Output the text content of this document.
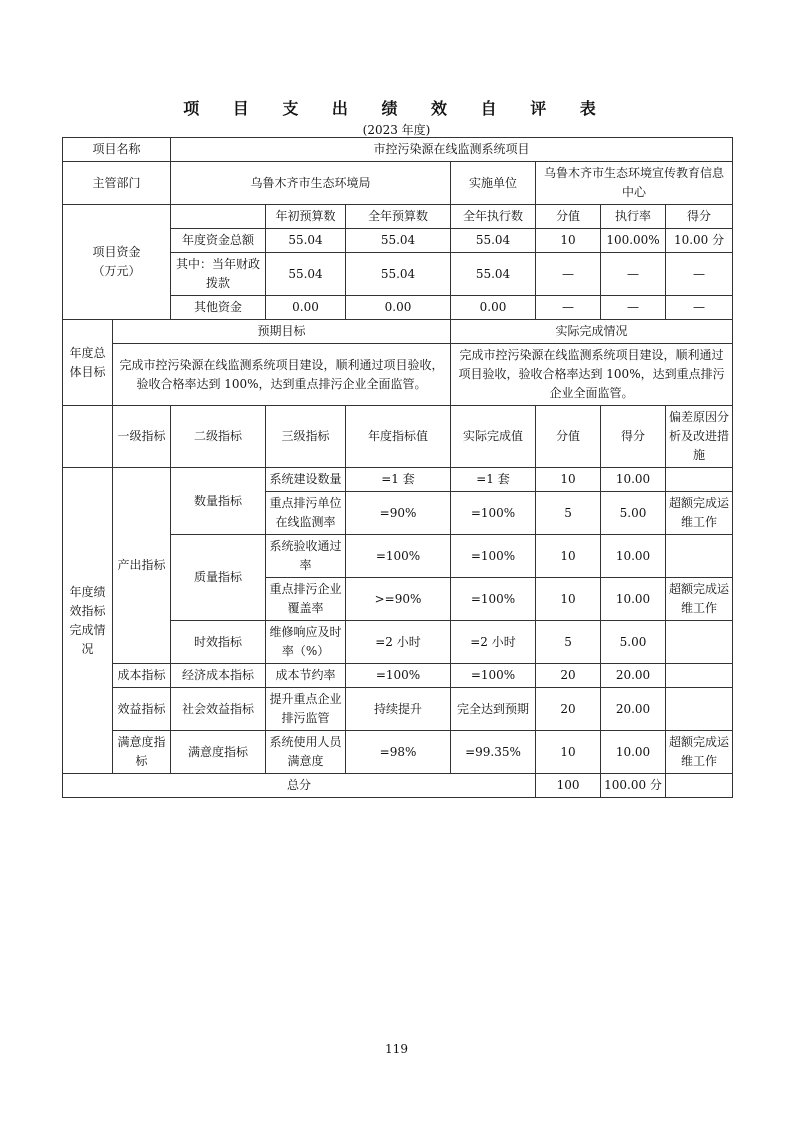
项 目 支 出 绩 效 自 评 表
(2023 年度)
项目名称		市控污染源在线监测系统项目						
主管部门		乌鲁木齐市生态环境局			实施单位	乌鲁木齐市生态环境宣传教育信息中心		
项目资金
（万元）			年初预算数	全年预算数	全年执行数	分值	执行率	得分
		年度资金总额	55.04	55.04	55.04	10	100.00%	10.00 分
		其中：当年财政拨款	55.04	55.04	55.04	—	—	—
		其他资金	0.00	0.00	0.00	—	—	—
年度总体目标	预期目标				实际完成情况			
	完成市控污染源在线监测系统项目建设，顺利通过项目验收，验收合格率达到 100%，达到重点排污企业全面监管。				完成市控污染源在线监测系统项目建设，顺利通过项目验收，验收合格率达到 100%，达到重点排污企业全面监管。			
	一级指标	二级指标	三级指标	年度指标值	实际完成值	分值	得分	偏差原因分析及改进措施
年度绩效指标完成情况	产出指标	数量指标	系统建设数量	=1 套	=1 套	10	10.00	
			重点排污单位在线监测率	=90%	=100%	5	5.00	超额完成运维工作
		质量指标	系统验收通过率	=100%	=100%	10	10.00	
			重点排污企业覆盖率	>=90%	=100%	10	10.00	超额完成运维工作
		时效指标	维修响应及时率（%）	=2 小时	=2 小时	5	5.00	
	成本指标	经济成本指标	成本节约率	=100%	=100%	20	20.00	
	效益指标	社会效益指标	提升重点企业排污监管	持续提升	完全达到预期	20	20.00	
	满意度指标	满意度指标	系统使用人员满意度	=98%	=99.35%	10	10.00	超额完成运维工作
总分						100	100.00 分	
119
